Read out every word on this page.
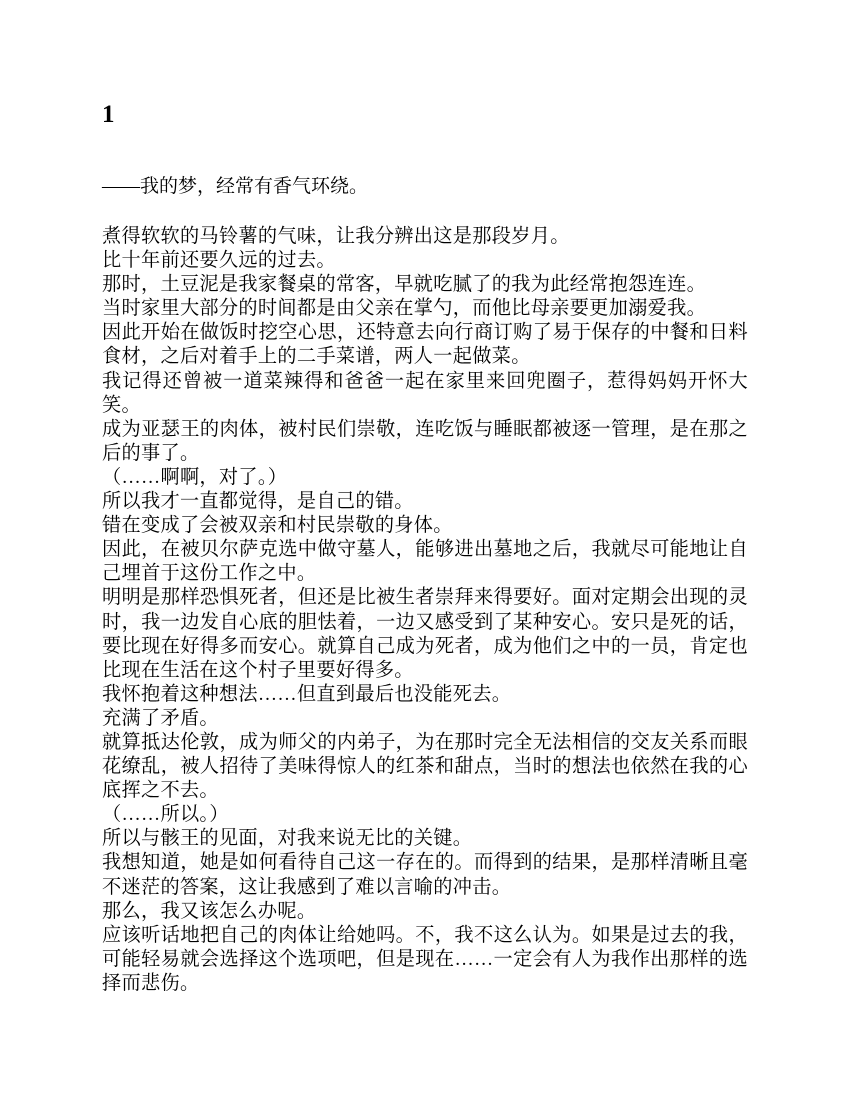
1

——我的梦，经常有香气环绕。

煮得软软的马铃薯的气味，让我分辨出这是那段岁月。

比十年前还要久远的过去。

那时，土豆泥是我家餐桌的常客，早就吃腻了的我为此经常抱怨连连。

当时家里大部分的时间都是由父亲在掌勺，而他比母亲要更加溺爱我。

因此开始在做饭时挖空心思，还特意去向行商订购了易于保存的中餐和日料食材，之后对着手上的二手菜谱，两人一起做菜。

我记得还曾被一道菜辣得和爸爸一起在家里来回兜圈子，惹得妈妈开怀大笑。

成为亚瑟王的肉体，被村民们崇敬，连吃饭与睡眠都被逐一管理，是在那之后的事了。

（……啊啊，对了。）

所以我才一直都觉得，是自己的错。

错在变成了会被双亲和村民崇敬的身体。

因此，在被贝尔萨克选中做守墓人，能够进出墓地之后，我就尽可能地让自己埋首于这份工作之中。

明明是那样恐惧死者，但还是比被生者崇拜来得要好。面对定期会出现的灵时，我一边发自心底的胆怯着，一边又感受到了某种安心。安只是死的话，要比现在好得多而安心。就算自己成为死者，成为他们之中的一员，肯定也比现在生活在这个村子里要好得多。

我怀抱着这种想法……但直到最后也没能死去。

充满了矛盾。

就算抵达伦敦，成为师父的内弟子，为在那时完全无法相信的交友关系而眼花缭乱，被人招待了美味得惊人的红茶和甜点，当时的想法也依然在我的心底挥之不去。

（……所以。）

所以与骸王的见面，对我来说无比的关键。

我想知道，她是如何看待自己这一存在的。而得到的结果，是那样清晰且毫不迷茫的答案，这让我感到了难以言喻的冲击。

那么，我又该怎么办呢。

应该听话地把自己的肉体让给她吗。不，我不这么认为。如果是过去的我，可能轻易就会选择这个选项吧，但是现在……一定会有人为我作出那样的选择而悲伤。
